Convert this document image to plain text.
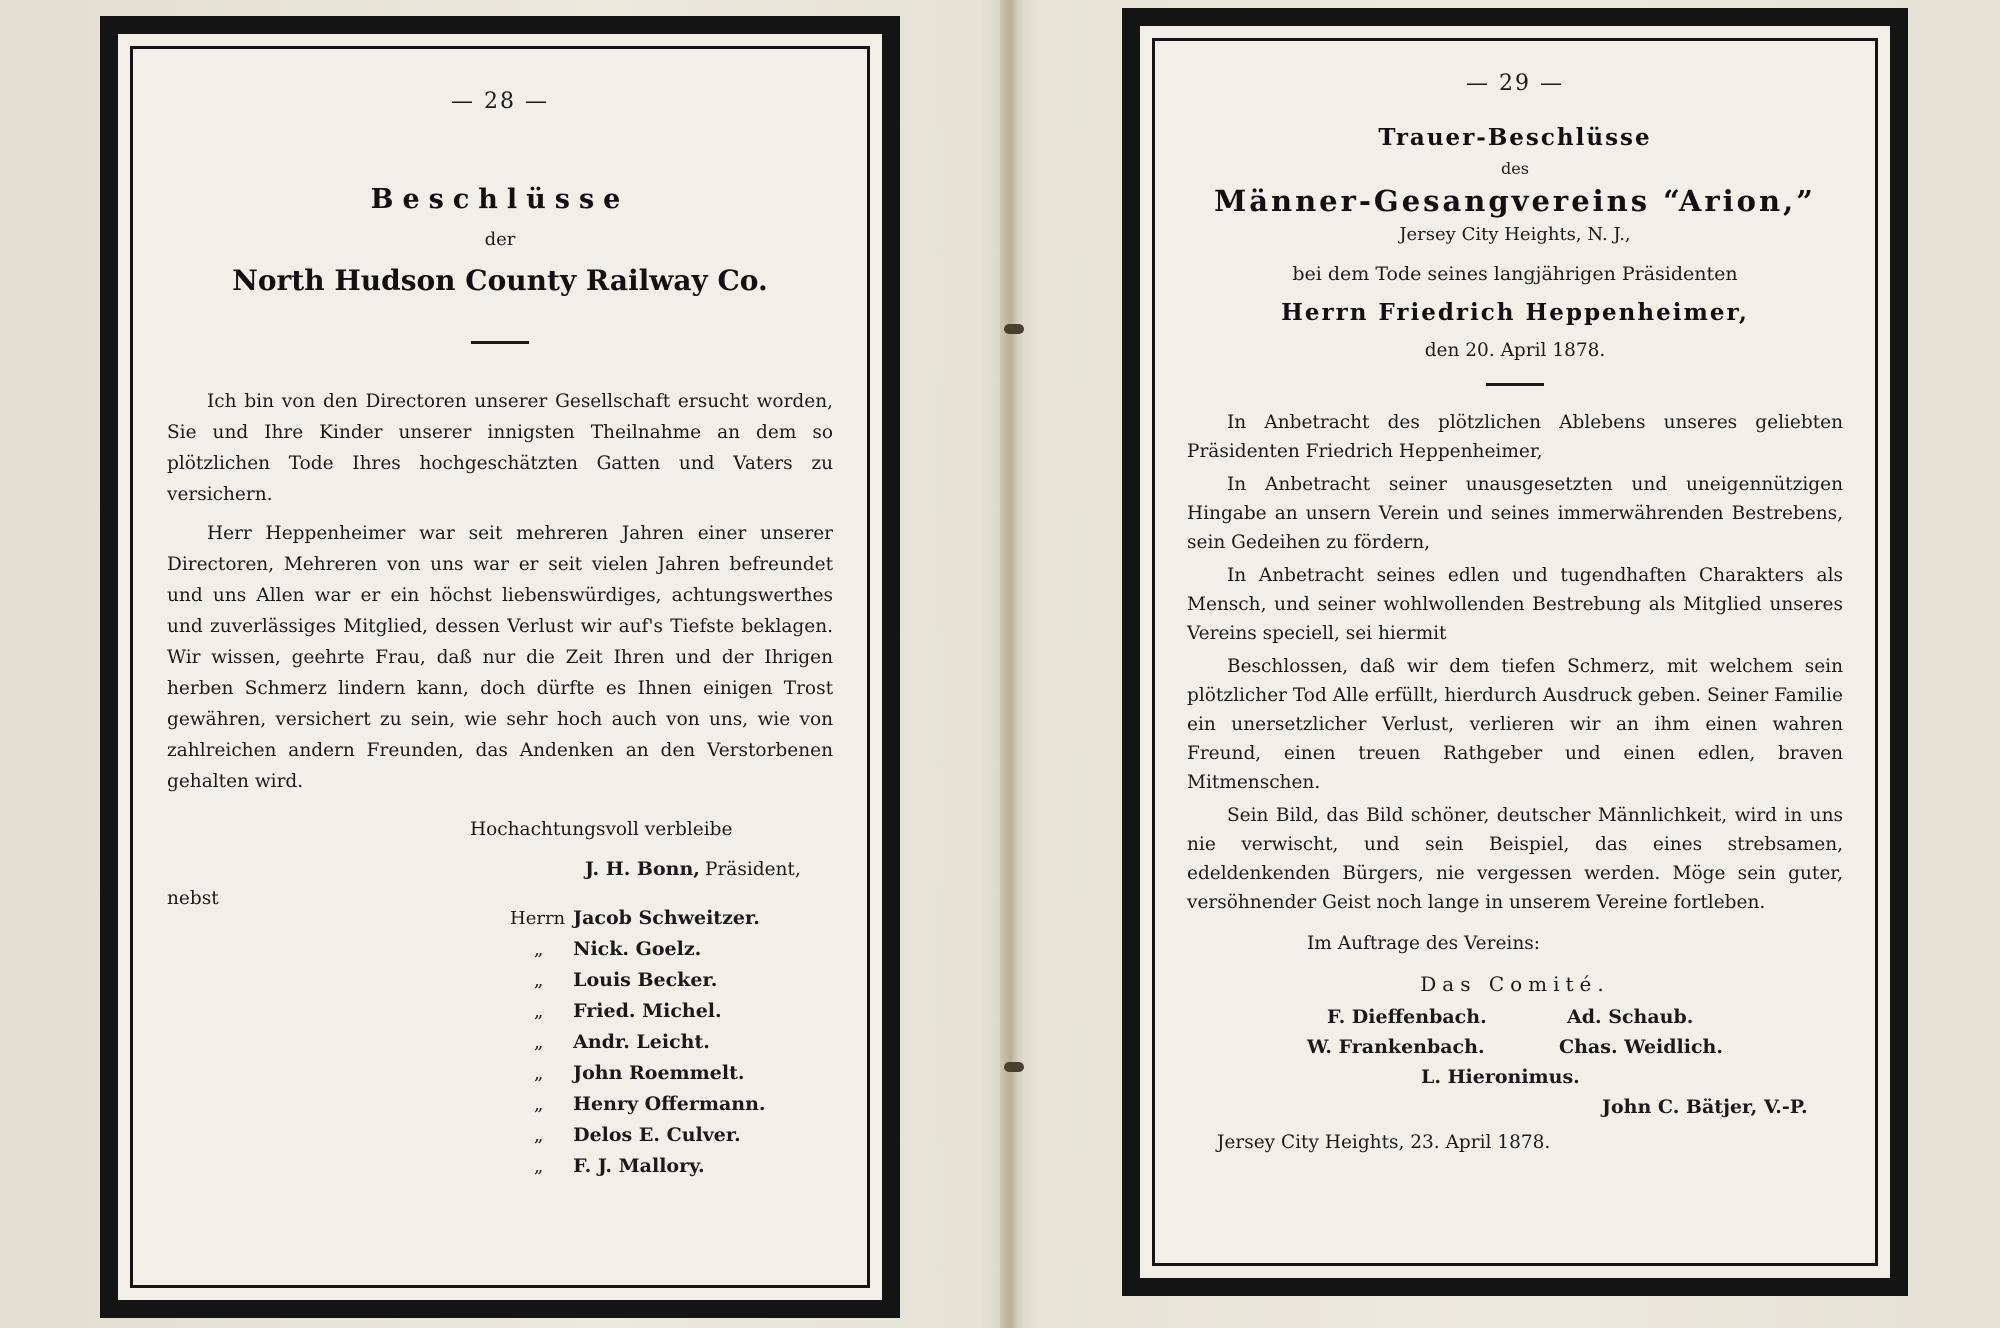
— 28 —
Beschlüsse
der
North Hudson County Railway Co.

Ich bin von den Directoren unserer Gesellschaft ersucht worden, Sie und Ihre Kinder unserer innigsten Theilnahme an dem so plötzlichen Tode Ihres hochgeschätzten Gatten und Vaters zu versichern.

Herr Heppenheimer war seit mehreren Jahren einer unserer Directoren, Mehreren von uns war er seit vielen Jahren befreundet und uns Allen war er ein höchst liebenswürdiges, achtungswerthes und zuverlässiges Mitglied, dessen Verlust wir auf's Tiefste beklagen. Wir wissen, geehrte Frau, daß nur die Zeit Ihren und der Ihrigen herben Schmerz lindern kann, doch dürfte es Ihnen einigen Trost gewähren, versichert zu sein, wie sehr hoch auch von uns, wie von zahlreichen andern Freunden, das Andenken an den Verstorbenen gehalten wird.

Hochachtungsvoll verbleibe
J. H. Bonn, Präsident,
nebst
Herrn Jacob Schweitzer.
„ Nick. Goelz.
„ Louis Becker.
„ Fried. Michel.
„ Andr. Leicht.
„ John Roemmelt.
„ Henry Offermann.
„ Delos E. Culver.
„ F. J. Mallory.
— 29 —
Trauer-Beschlüsse
des
Männer-Gesangvereins “Arion,”
Jersey City Heights, N. J.,
bei dem Tode seines langjährigen Präsidenten
Herrn Friedrich Heppenheimer,
den 20. April 1878.

In Anbetracht des plötzlichen Ablebens unseres geliebten Präsidenten Friedrich Heppenheimer,

In Anbetracht seiner unausgesetzten und uneigennützigen Hingabe an unsern Verein und seines immerwährenden Bestrebens, sein Gedeihen zu fördern,

In Anbetracht seines edlen und tugendhaften Charakters als Mensch, und seiner wohlwollenden Bestrebung als Mitglied unseres Vereins speciell, sei hiermit

Beschlossen, daß wir dem tiefen Schmerz, mit welchem sein plötzlicher Tod Alle erfüllt, hierdurch Ausdruck geben. Seiner Familie ein unersetzlicher Verlust, verlieren wir an ihm einen wahren Freund, einen treuen Rathgeber und einen edlen, braven Mitmenschen.

Sein Bild, das Bild schöner, deutscher Männlichkeit, wird in uns nie verwischt, und sein Beispiel, das eines strebsamen, edeldenkenden Bürgers, nie vergessen werden. Möge sein guter, versöhnender Geist noch lange in unserem Vereine fortleben.

Im Auftrage des Vereins:
Das Comité.
F. Dieffenbach.	Ad. Schaub.
W. Frankenbach.	Chas. Weidlich.
L. Hieronimus.
John C. Bätjer, V.-P.
Jersey City Heights, 23. April 1878.
